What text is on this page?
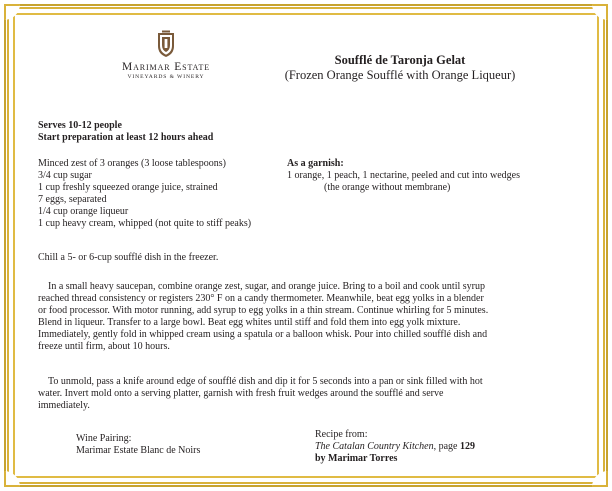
Marimar Estate
VINEYARDS & WINERY
Soufflé de Taronja Gelat
(Frozen Orange Soufflé with Orange Liqueur)
Serves 10-12 people
Start preparation at least 12 hours ahead
Minced zest of 3 oranges (3 loose tablespoons)
3/4 cup sugar
1 cup freshly squeezed orange juice, strained
7 eggs, separated
1/4 cup orange liqueur
1 cup heavy cream, whipped (not quite to stiff peaks)
As a garnish:
1 orange, 1 peach, 1 nectarine, peeled and cut into wedges
(the orange without membrane)
Chill a 5- or 6-cup soufflé dish in the freezer.
In a small heavy saucepan, combine orange zest, sugar, and orange juice. Bring to a boil and cook until syrup
reached thread consistency or registers 230° F on a candy thermometer. Meanwhile, beat egg yolks in a blender
or food processor. With motor running, add syrup to egg yolks in a thin stream. Continue whirling for 5 minutes.
Blend in liqueur. Transfer to a large bowl. Beat egg whites until stiff and fold them into egg yolk mixture.
Immediately, gently fold in whipped cream using a spatula or a balloon whisk. Pour into chilled soufflé dish and
freeze until firm, about 10 hours.
To unmold, pass a knife around edge of soufflé dish and dip it for 5 seconds into a pan or sink filled with hot
water. Invert mold onto a serving platter, garnish with fresh fruit wedges around the soufflé and serve
immediately.
Wine Pairing:
Marimar Estate Blanc de Noirs
Recipe from:
The Catalan Country Kitchen, page 129
by Marimar Torres
